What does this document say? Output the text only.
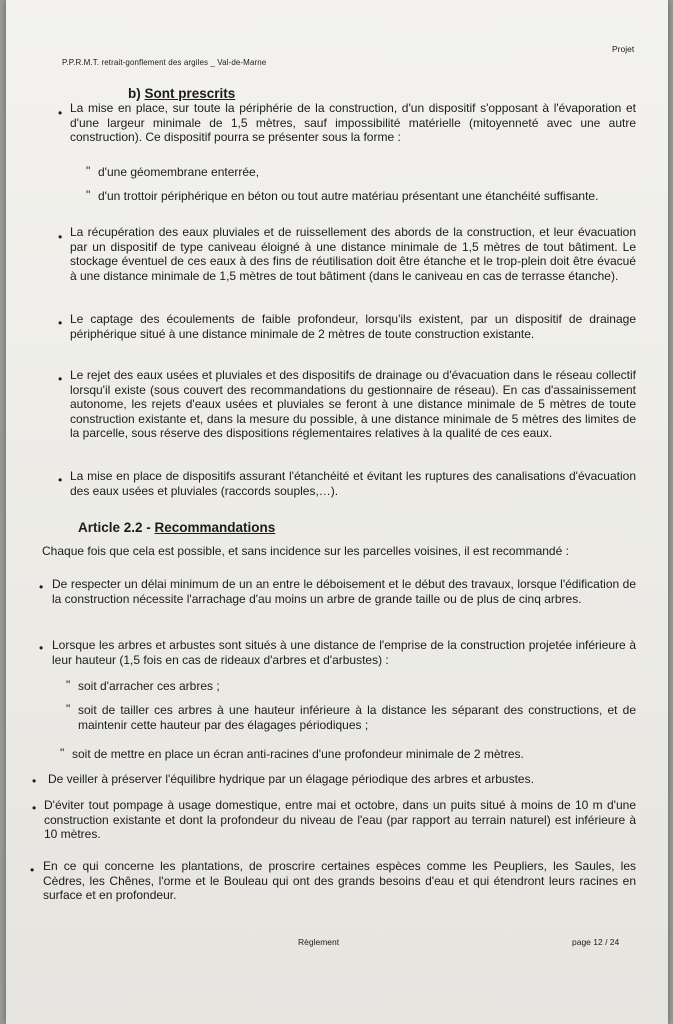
P.P.R.M.T. retrait-gonflement des argiles _ Val-de-Marne
Projet
b) Sont prescrits
• La mise en place, sur toute la périphérie de la construction, d'un dispositif s'opposant à l'évaporation et d'une largeur minimale de 1,5 mètres, sauf impossibilité matérielle (mitoyenneté avec une autre construction). Ce dispositif pourra se présenter sous la forme :
" d'une géomembrane enterrée,
" d'un trottoir périphérique en béton ou tout autre matériau présentant une étanchéité suffisante.
• La récupération des eaux pluviales et de ruissellement des abords de la construction, et leur évacuation par un dispositif de type caniveau éloigné à une distance minimale de 1,5 mètres de tout bâtiment. Le stockage éventuel de ces eaux à des fins de réutilisation doit être étanche et le trop-plein doit être évacué à une distance minimale de 1,5 mètres de tout bâtiment (dans le caniveau en cas de terrasse étanche).
• Le captage des écoulements de faible profondeur, lorsqu'ils existent, par un dispositif de drainage périphérique situé à une distance minimale de 2 mètres de toute construction existante.
• Le rejet des eaux usées et pluviales et des dispositifs de drainage ou d'évacuation dans le réseau collectif lorsqu'il existe (sous couvert des recommandations du gestionnaire de réseau). En cas d'assainissement autonome, les rejets d'eaux usées et pluviales se feront à une distance minimale de 5 mètres de toute construction existante et, dans la mesure du possible, à une distance minimale de 5 mètres des limites de la parcelle, sous réserve des dispositions réglementaires relatives à la qualité de ces eaux.
• La mise en place de dispositifs assurant l'étanchéité et évitant les ruptures des canalisations d'évacuation des eaux usées et pluviales (raccords souples,…).
Article 2.2 - Recommandations
Chaque fois que cela est possible, et sans incidence sur les parcelles voisines, il est recommandé :
• De respecter un délai minimum de un an entre le déboisement et le début des travaux, lorsque l'édification de la construction nécessite l'arrachage d'au moins un arbre de grande taille ou de plus de cinq arbres.
• Lorsque les arbres et arbustes sont situés à une distance de l'emprise de la construction projetée inférieure à leur hauteur (1,5 fois en cas de rideaux d'arbres et d'arbustes) :
" soit d'arracher ces arbres ;
" soit de tailler ces arbres à une hauteur inférieure à la distance les séparant des constructions, et de maintenir cette hauteur par des élagages périodiques ;
" soit de mettre en place un écran anti-racines d'une profondeur minimale de 2 mètres.
• De veiller à préserver l'équilibre hydrique par un élagage périodique des arbres et arbustes.
• D'éviter tout pompage à usage domestique, entre mai et octobre, dans un puits situé à moins de 10 m d'une construction existante et dont la profondeur du niveau de l'eau (par rapport au terrain naturel) est inférieure à 10 mètres.
• En ce qui concerne les plantations, de proscrire certaines espèces comme les Peupliers, les Saules, les Cèdres, les Chênes, l'orme et le Bouleau qui ont des grands besoins d'eau et qui étendront leurs racines en surface et en profondeur.
Règlement	page 12 / 24
